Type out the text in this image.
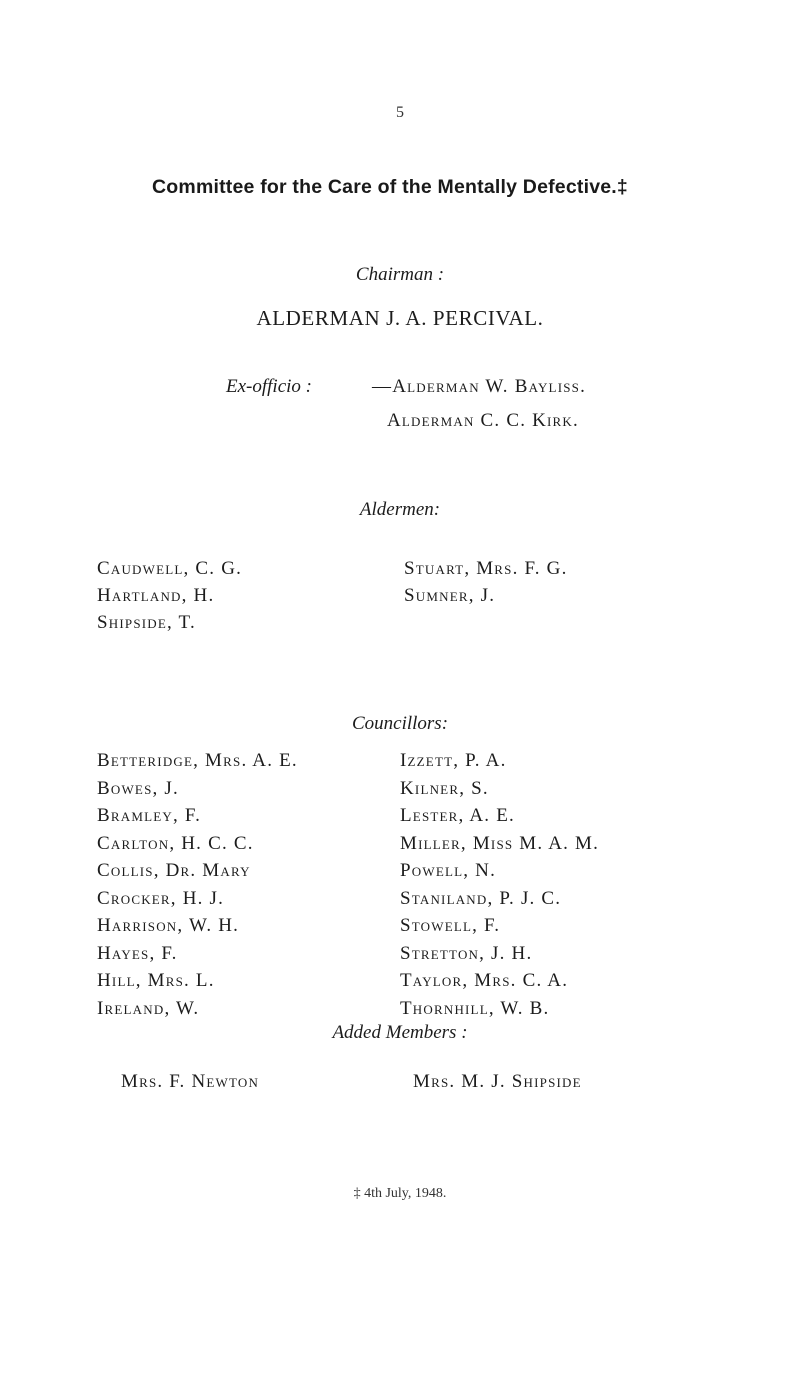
5
Committee for the Care of the Mentally Defective.‡
Chairman :
ALDERMAN J. A. PERCIVAL.
Ex-officio :	—Alderman W. Bayliss.
Alderman C. C. Kirk.
Aldermen:
Caudwell, C. G.
Hartland, H.
Shipside, T.
Stuart, Mrs. F. G.
Sumner, J.
Councillors:
Betteridge, Mrs. A. E.
Bowes, J.
Bramley, F.
Carlton, H. C. C.
Collis, Dr. Mary
Crocker, H. J.
Harrison, W. H.
Hayes, F.
Hill, Mrs. L.
Ireland, W.
Izzett, P. A.
Kilner, S.
Lester, A. E.
Miller, Miss M. A. M.
Powell, N.
Staniland, P. J. C.
Stowell, F.
Stretton, J. H.
Taylor, Mrs. C. A.
Thornhill, W. B.
Added Members :
Mrs. F. Newton	Mrs. M. J. Shipside
‡ 4th July, 1948.
